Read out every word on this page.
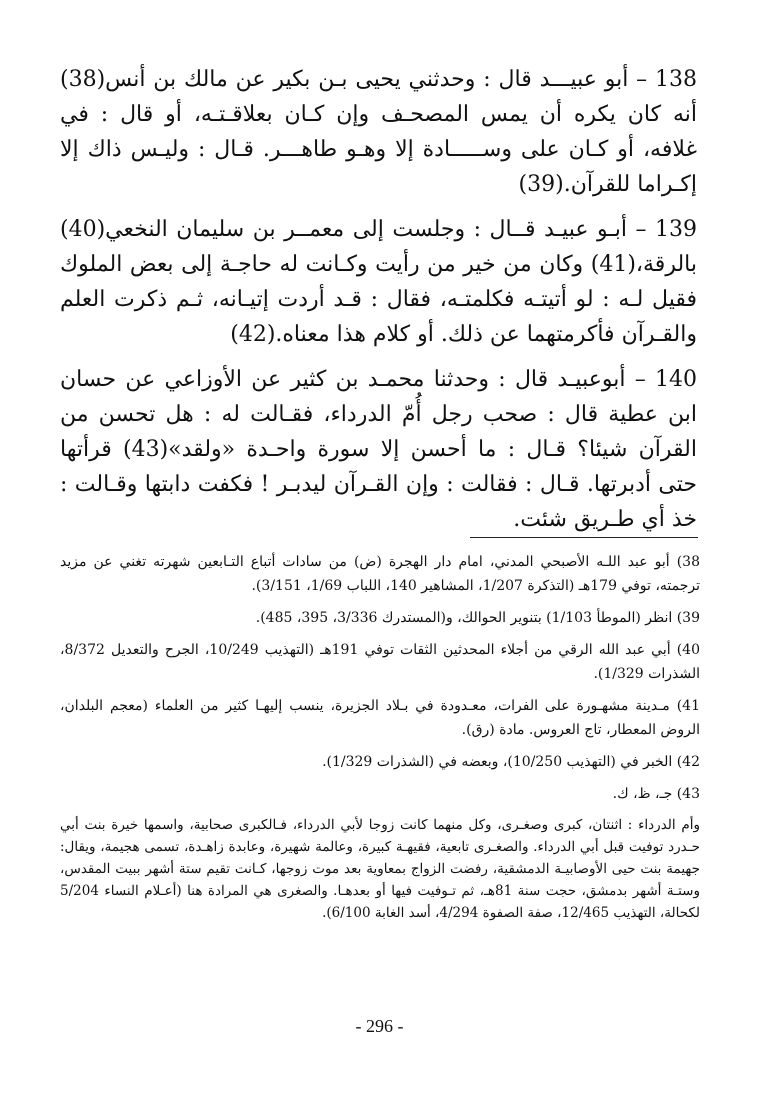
138 – أبو عبيـــد قال : وحدثني يحيى بـن بكير عن مالك بن أنس(38) أنه كان يكره أن يمس المصحـف وإن كـان بعلاقـتـه، أو قال : في غلافه، أو كـان على وســـــادة إلا وهـو طاهـــر. قـال : وليـس ذاك إلا إكـراما للقرآن.(39)

139 – أبـو عبيـد قــال : وجلست إلى معمــر بن سليمان النخعي(40) بالرقة،(41) وكان من خير من رأيت وكـانت له حاجـة إلى بعض الملوك فقيل لـه : لو أتيتـه فكلمتـه، فقال : قـد أردت إتيـانه، ثـم ذكرت العلم والقـرآن فأكرمتهما عن ذلك. أو كلام هذا معناه.(42)

140 – أبوعبيـد قال : وحدثنا محمـد بن كثير عن الأوزاعي عن حسان ابن عطية قال : صحب رجل أُمّ الدرداء، فقـالت له : هل تحسن من القرآن شيئا؟ قـال : ما أحسن إلا سورة واحـدة «ولقد»(43) قرأتها حتى أدبرتها. قـال : فقالت : وإن القـرآن ليدبـر ! فكفت دابتها وقـالت : خذ أي طـريق شئت.

38) أبو عبد اللـه الأصبحي المدني، امام دار الهجرة (ض) من سادات أتباع التـابعين شهرته تغني عن مزيد ترجمته، توفي 179هـ (التذكرة 1/207، المشاهير 140، اللباب 1/69، 3/151).

39) انظر (الموطأ 1/103) بتنوير الحوالك، و(المستدرك 3/336، 395، 485).

40) أبي عبد الله الرقي من أجلاء المحدثين الثقات توفي 191هـ (التهذيب 10/249، الجرح والتعديل 8/372، الشذرات 1/329).

41) مـدينة مشهـورة على الفرات، معـدودة في بـلاد الجزيرة، ينسب إليهـا كثير من العلماء (معجم البلدان، الروض المعطار، تاج العروس. مادة (رق).

42) الخبر في (التهذيب 10/250)، وبعضه في (الشذرات 1/329).

43) جـ، ظ، ك.

وأم الدرداء : اثنتان، كبرى وصغـرى، وكل منهما كانت زوجا لأبي الدرداء، فـالكبرى صحابية، واسمها خيرة بنت أبي حـدرد توفيت قبل أبي الدرداء. والصغـرى تابعية، فقيهـة كبيرة، وعالمة شهيرة، وعابدة زاهـدة، تسمى هجيمة، ويقال: جهيمة بنت حيى الأوصابيـة الدمشقية، رفضت الزواج بمعاوية بعد موت زوجها، كـانت تقيم ستة أشهر ببيت المقدس، وستـة أشهر بدمشق، حجت سنة 81هـ، ثم تـوفيت فيها أو بعدهـا. والصغرى هي المرادة هنا (أعـلام النساء 5/204 لكحالة، التهذيب 12/465، صفة الصفوة 4/294، أسد الغابة 6/100).

- 296 -
